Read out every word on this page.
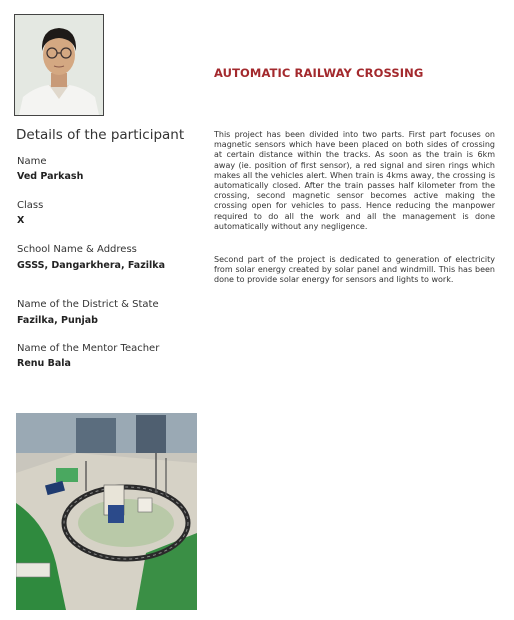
Details of the participant
Name
Ved Parkash
Class
X
School Name & Address
GSSS, Dangarkhera, Fazilka
Name of the District & State
Fazilka, Punjab
Name of the Mentor Teacher
Renu Bala
AUTOMATIC RAILWAY CROSSING

This project has been divided into two parts. First part focuses on magnetic sensors which have been placed on both sides of crossing at certain distance within the tracks. As soon as the train is 6km away (ie. position of first sensor), a red signal and siren rings which makes all the vehicles alert. When train is 4kms away, the crossing is automatically closed. After the train passes half kilometer from the crossing, second magnetic sensor becomes active making the crossing open for vehicles to pass. Hence reducing the manpower required to do all the work and all the management is done automatically without any negligence.

Second part of the project is dedicated to generation of electricity from solar energy created by solar panel and windmill. This has been done to provide solar energy for sensors and lights to work.
